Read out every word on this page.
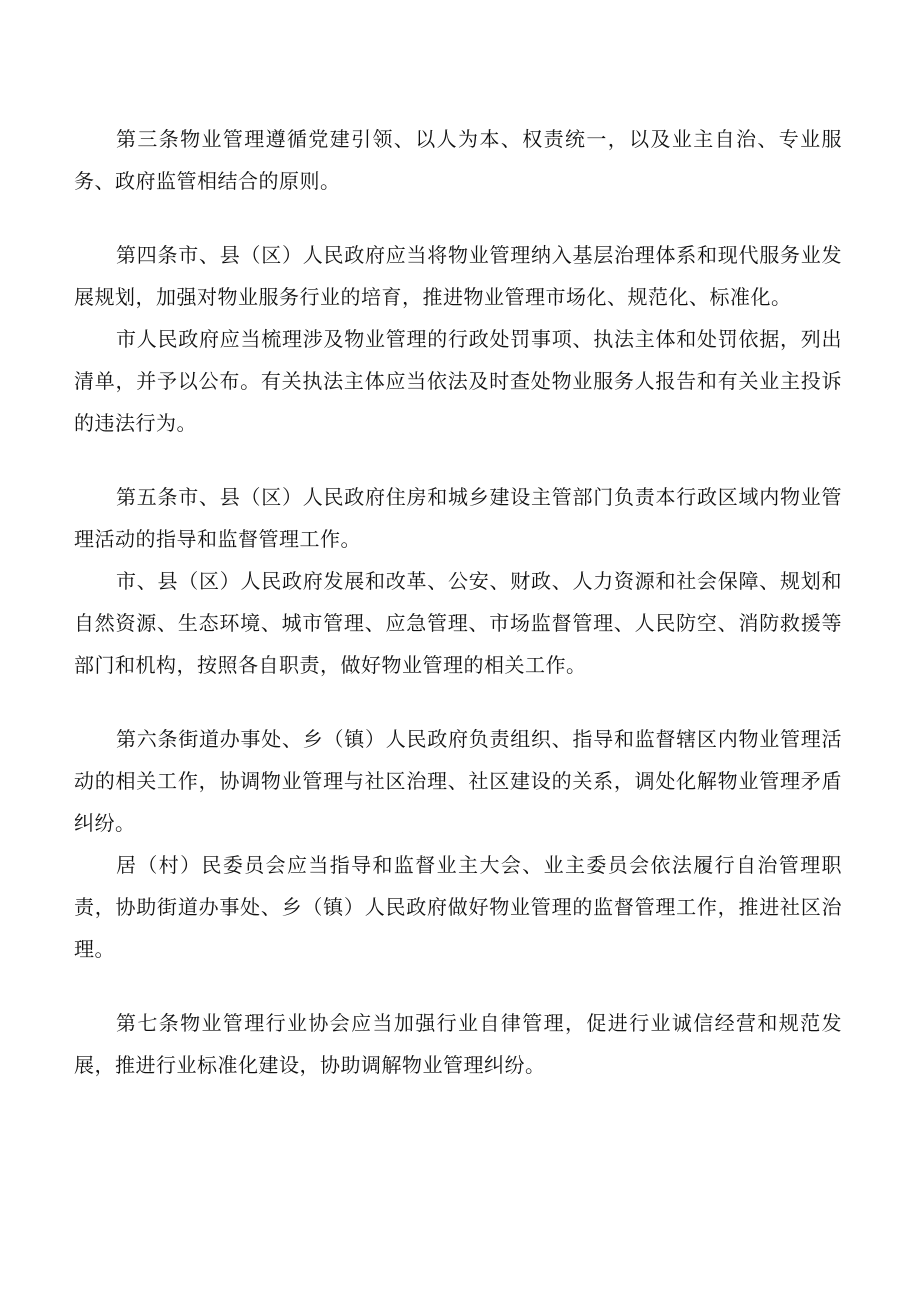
第三条物业管理遵循党建引领、以人为本、权责统一，以及业主自治、专业服务、政府监管相结合的原则。

第四条市、县（区）人民政府应当将物业管理纳入基层治理体系和现代服务业发展规划，加强对物业服务行业的培育，推进物业管理市场化、规范化、标准化。

市人民政府应当梳理涉及物业管理的行政处罚事项、执法主体和处罚依据，列出清单，并予以公布。有关执法主体应当依法及时查处物业服务人报告和有关业主投诉的违法行为。

第五条市、县（区）人民政府住房和城乡建设主管部门负责本行政区域内物业管理活动的指导和监督管理工作。

市、县（区）人民政府发展和改革、公安、财政、人力资源和社会保障、规划和自然资源、生态环境、城市管理、应急管理、市场监督管理、人民防空、消防救援等部门和机构，按照各自职责，做好物业管理的相关工作。

第六条街道办事处、乡（镇）人民政府负责组织、指导和监督辖区内物业管理活动的相关工作，协调物业管理与社区治理、社区建设的关系，调处化解物业管理矛盾纠纷。

居（村）民委员会应当指导和监督业主大会、业主委员会依法履行自治管理职责，协助街道办事处、乡（镇）人民政府做好物业管理的监督管理工作，推进社区治理。

第七条物业管理行业协会应当加强行业自律管理，促进行业诚信经营和规范发展，推进行业标准化建设，协助调解物业管理纠纷。
